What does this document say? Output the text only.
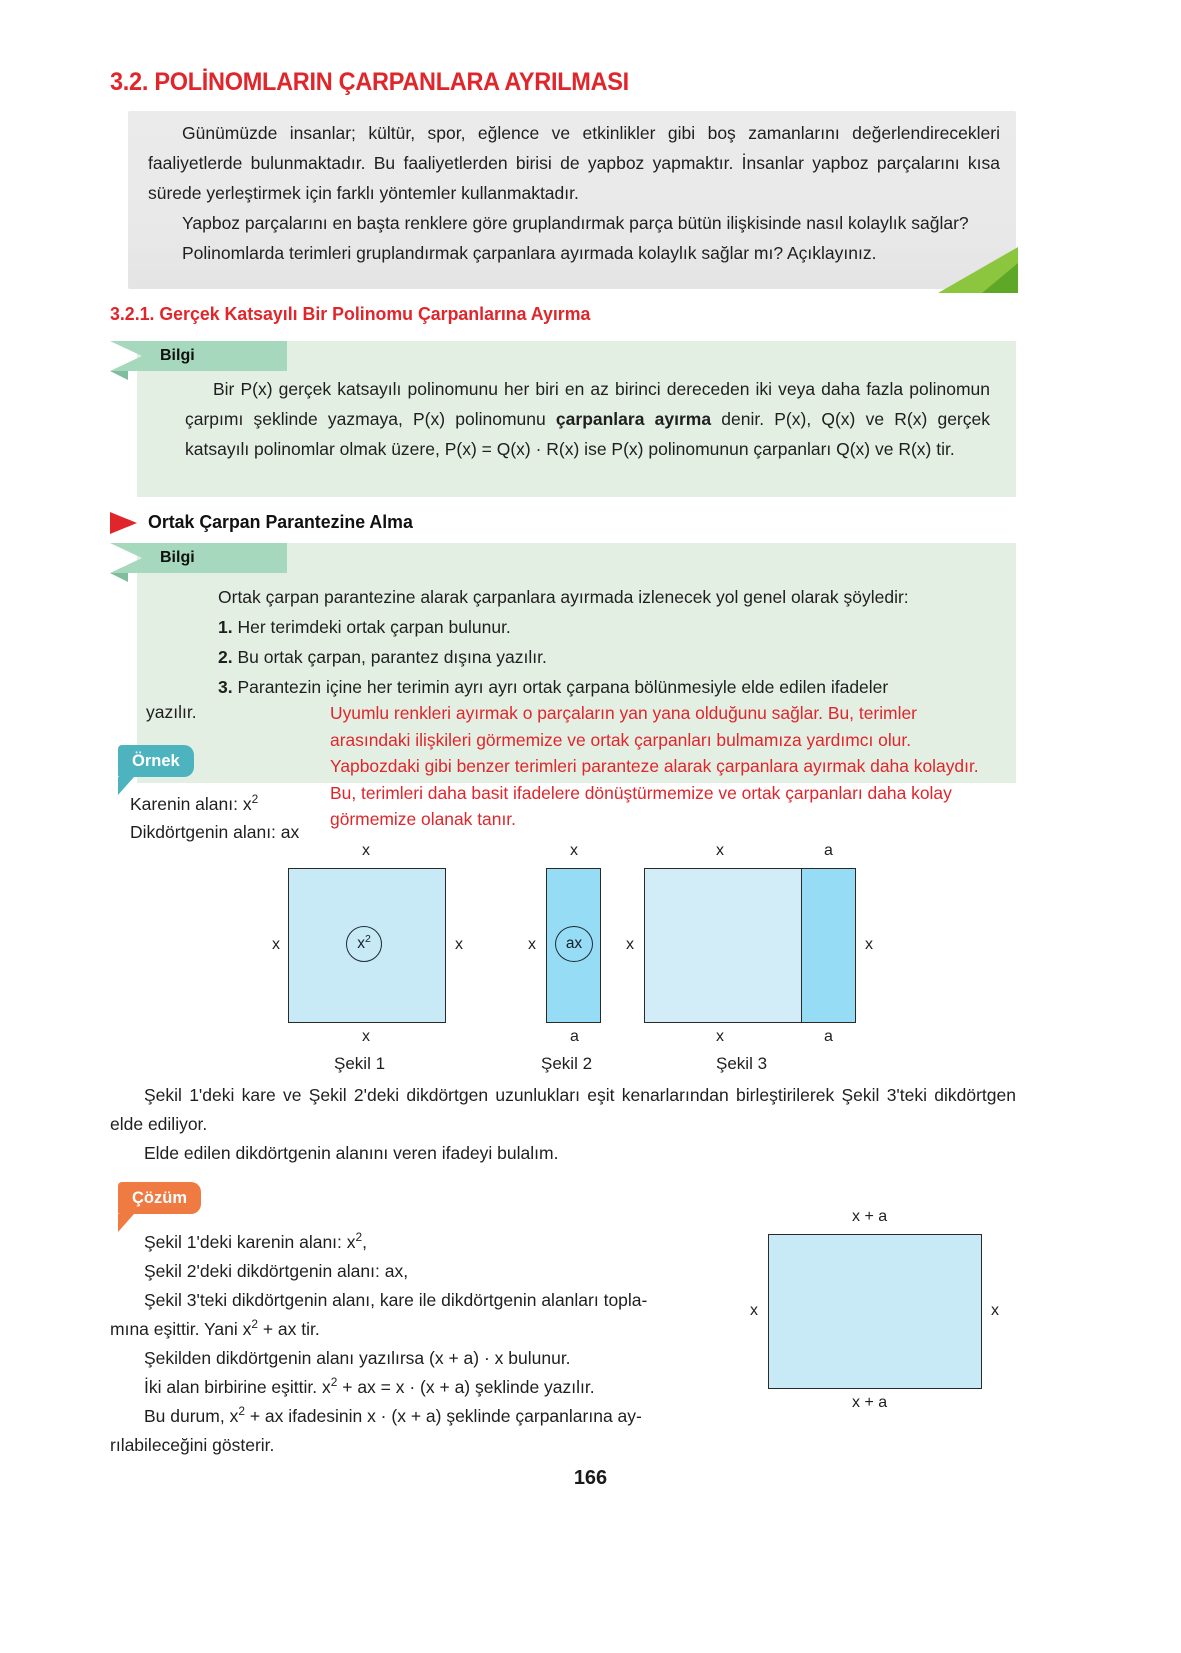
3.2. POLİNOMLARIN ÇARPANLARA AYRILMASI

Günümüzde insanlar; kültür, spor, eğlence ve etkinlikler gibi boş zamanlarını değerlendirecekleri faaliyetlerde bulunmaktadır. Bu faaliyetlerden birisi de yapboz yapmaktır. İnsanlar yapboz parçalarını kısa sürede yerleştirmek için farklı yöntemler kullanmaktadır.

Yapboz parçalarını en başta renklere göre gruplandırmak parça bütün ilişkisinde nasıl kolaylık sağlar?

Polinomlarda terimleri gruplandırmak çarpanlara ayırmada kolaylık sağlar mı? Açıklayınız.

3.2.1. Gerçek Katsayılı Bir Polinomu Çarpanlarına Ayırma
Bilgi

Bir P(x) gerçek katsayılı polinomunu her biri en az birinci dereceden iki veya daha fazla polinomun çarpımı şeklinde yazmaya, P(x) polinomunu çarpanlara ayırma denir. P(x), Q(x) ve R(x) gerçek katsayılı polinomlar olmak üzere, P(x) = Q(x) · R(x) ise P(x) polinomunun çarpanları Q(x) ve R(x) tir.

Ortak Çarpan Parantezine Alma
Bilgi

Ortak çarpan parantezine alarak çarpanlara ayırmada izlenecek yol genel olarak şöyledir:

1. Her terimdeki ortak çarpan bulunur.

2. Bu ortak çarpan, parantez dışına yazılır.

3. Parantezin içine her terimin ayrı ayrı ortak çarpana bölünmesiyle elde edilen ifadeler

yazılır.	Uyumlu renkleri ayırmak o parçaların yan yana olduğunu sağlar. Bu, terimler

arasındaki ilişkileri görmemize ve ortak çarpanları bulmamıza yardımcı olur.

Yapbozdaki gibi benzer terimleri paranteze alarak çarpanlara ayırmak daha kolaydır.

Bu, terimleri daha basit ifadelere dönüştürmemize ve ortak çarpanları daha kolay

görmemize olanak tanır.

Örnek

Karenin alanı: $x^2$

Dikdörtgenin alanı: ax

x
x	x
x
$x^2$
Şekil 1
x
x
a
ax
Şekil 2
x	a
x	x
x	a
Şekil 3

Şekil 1'deki kare ve Şekil 2'deki dikdörtgen uzunlukları eşit kenarlarından birleştirilerek Şekil 3'teki dikdörtgen elde ediliyor.

Elde edilen dikdörtgenin alanını veren ifadeyi bulalım.

Çözüm

Şekil 1'deki karenin alanı: $x^2$,

Şekil 2'deki dikdörtgenin alanı: ax,

Şekil 3'teki dikdörtgenin alanı, kare ile dikdörtgenin alanları topla-

mına eşittir. Yani $x^2$ + ax tir.

Şekilden dikdörtgenin alanı yazılırsa (x + a) · x bulunur.

İki alan birbirine eşittir. $x^2$ + ax = x · (x + a) şeklinde yazılır.

Bu durum, $x^2$ + ax ifadesinin x · (x + a) şeklinde çarpanlarına ay-

rılabileceğini gösterir.

x + a
x	x
x + a
166
